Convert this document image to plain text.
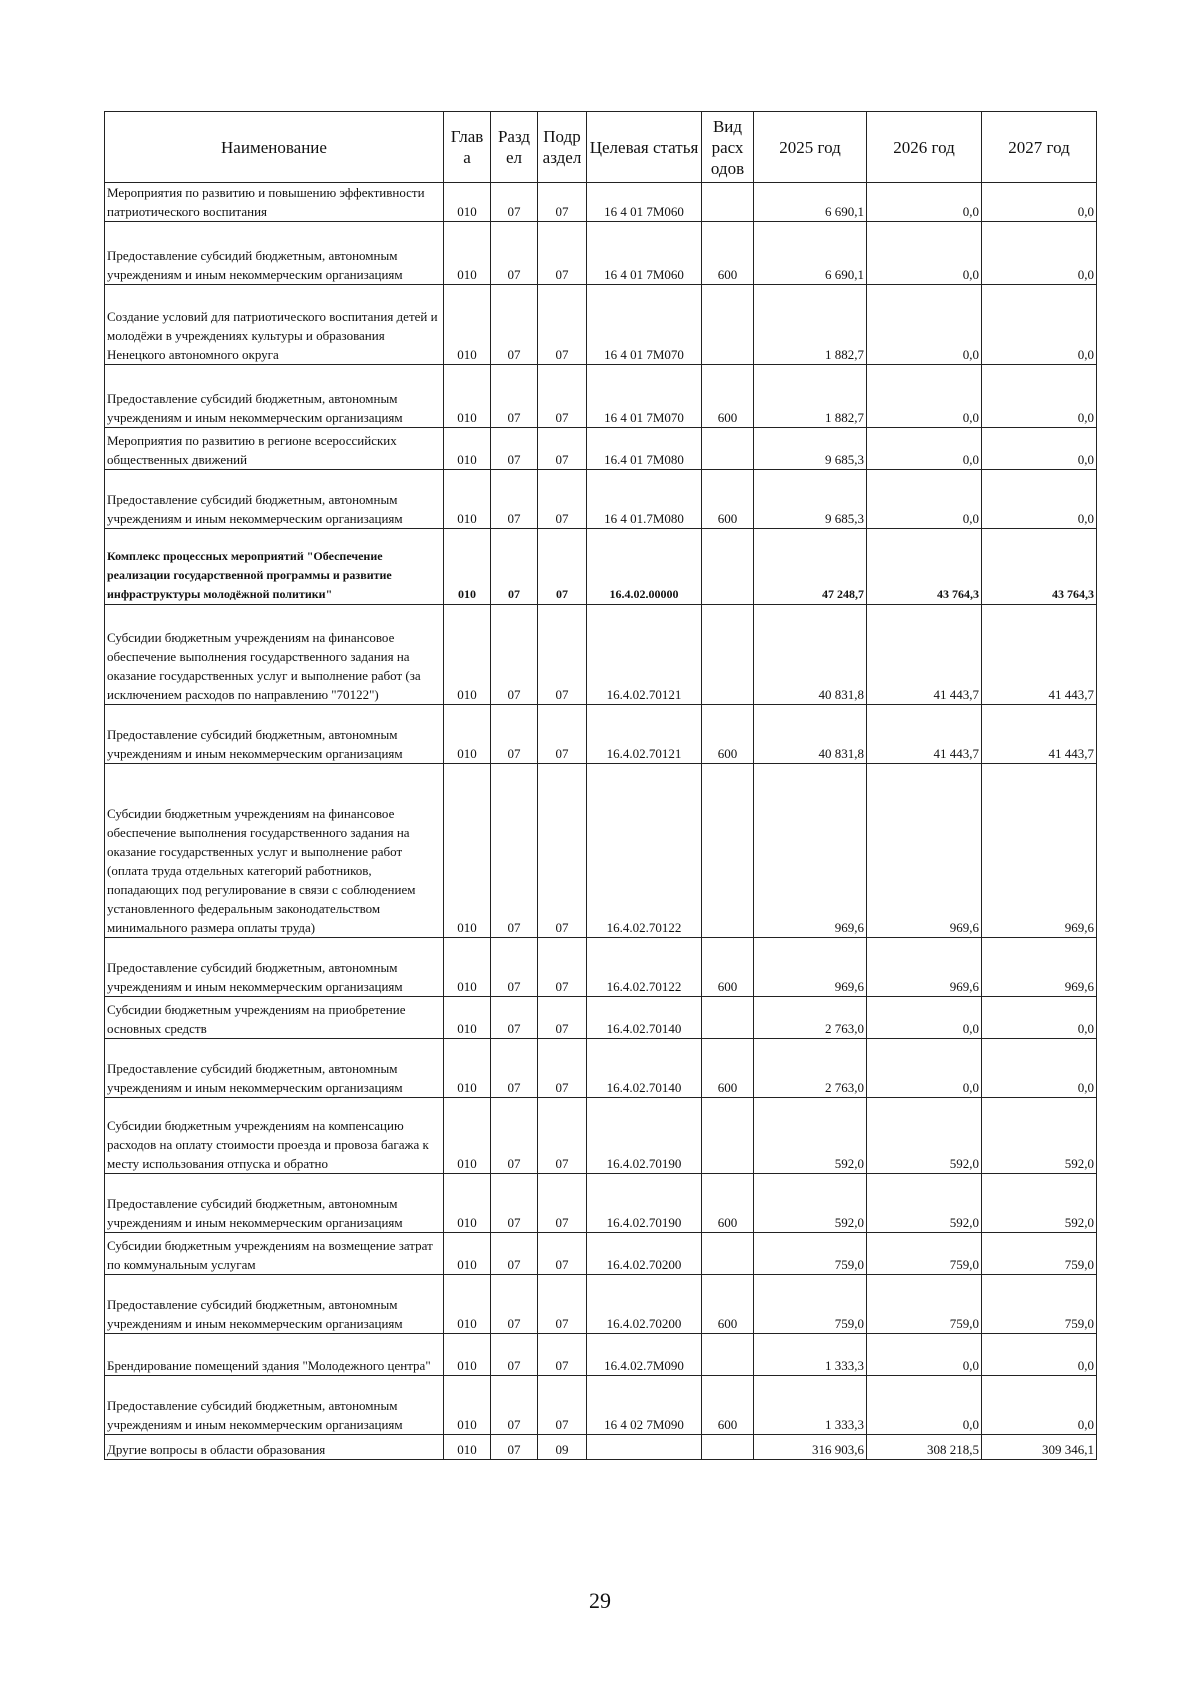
Наименование	Глав а	Разд ел	Подр аздел	Целевая статья	Вид расх одов	2025 год	2026 год	2027 год
Мероприятия по развитию и повышению эффективности патриотического воспитания	010	07	07	16 4 01 7М060		6 690,1	0,0	0,0
Предоставление субсидий бюджетным, автономным учреждениям и иным некоммерческим организациям	010	07	07	16 4 01 7М060	600	6 690,1	0,0	0,0
Создание условий для патриотического воспитания детей и молодёжи в учреждениях культуры и образования Ненецкого автономного округа	010	07	07	16 4 01 7М070		1 882,7	0,0	0,0
Предоставление субсидий бюджетным, автономным учреждениям и иным некоммерческим организациям	010	07	07	16 4 01 7М070	600	1 882,7	0,0	0,0
Мероприятия по развитию в регионе всероссийских общественных движений	010	07	07	16.4 01 7М080		9 685,3	0,0	0,0
Предоставление субсидий бюджетным, автономным учреждениям и иным некоммерческим организациям	010	07	07	16 4 01.7М080	600	9 685,3	0,0	0,0
Комплекс процессных мероприятий "Обеспечение реализации государственной программы и развитие инфраструктуры молодёжной политики"	010	07	07	16.4.02.00000		47 248,7	43 764,3	43 764,3
Субсидии бюджетным учреждениям на финансовое обеспечение выполнения государственного задания на оказание государственных услуг и выполнение работ (за исключением расходов по направлению "70122")	010	07	07	16.4.02.70121		40 831,8	41 443,7	41 443,7
Предоставление субсидий бюджетным, автономным учреждениям и иным некоммерческим организациям	010	07	07	16.4.02.70121	600	40 831,8	41 443,7	41 443,7
Субсидии бюджетным учреждениям на финансовое обеспечение выполнения государственного задания на оказание государственных услуг и выполнение работ (оплата труда отдельных категорий работников, попадающих под регулирование в связи с соблюдением установленного федеральным законодательством минимального размера оплаты труда)	010	07	07	16.4.02.70122		969,6	969,6	969,6
Предоставление субсидий бюджетным, автономным учреждениям и иным некоммерческим организациям	010	07	07	16.4.02.70122	600	969,6	969,6	969,6
Субсидии бюджетным учреждениям на приобретение основных средств	010	07	07	16.4.02.70140		2 763,0	0,0	0,0
Предоставление субсидий бюджетным, автономным учреждениям и иным некоммерческим организациям	010	07	07	16.4.02.70140	600	2 763,0	0,0	0,0
Субсидии бюджетным учреждениям на компенсацию расходов на оплату стоимости проезда и провоза багажа к месту использования отпуска и обратно	010	07	07	16.4.02.70190		592,0	592,0	592,0
Предоставление субсидий бюджетным, автономным учреждениям и иным некоммерческим организациям	010	07	07	16.4.02.70190	600	592,0	592,0	592,0
Субсидии бюджетным учреждениям на возмещение затрат по коммунальным услугам	010	07	07	16.4.02.70200		759,0	759,0	759,0
Предоставление субсидий бюджетным, автономным учреждениям и иным некоммерческим организациям	010	07	07	16.4.02.70200	600	759,0	759,0	759,0
Брендирование помещений здания "Молодежного центра"	010	07	07	16.4.02.7М090		1 333,3	0,0	0,0
Предоставление субсидий бюджетным, автономным учреждениям и иным некоммерческим организациям	010	07	07	16 4 02 7М090	600	1 333,3	0,0	0,0
Другие вопросы в области образования	010	07	09			316 903,6	308 218,5	309 346,1
29
